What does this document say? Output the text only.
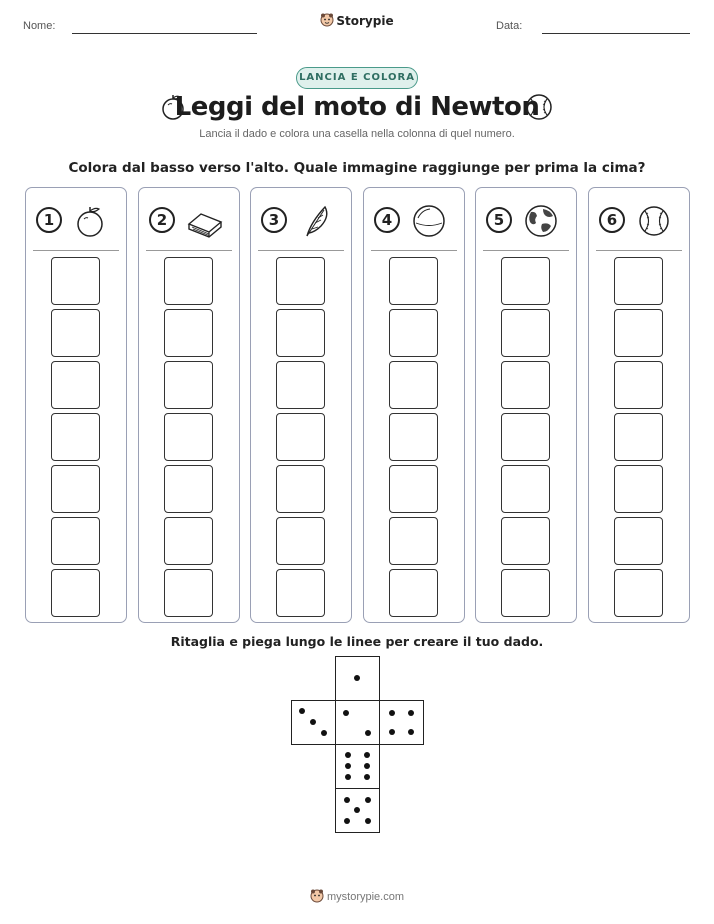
Nome:	Data:
Storypie
LANCIA E COLORA
Leggi del moto di Newton
Lancia il dado e colora una casella nella colonna di quel numero.
Colora dal basso verso l'alto. Quale immagine raggiunge per prima la cima?
1	2	3	4	5	6
Ritaglia e piega lungo le linee per creare il tuo dado.
mystorypie.com
